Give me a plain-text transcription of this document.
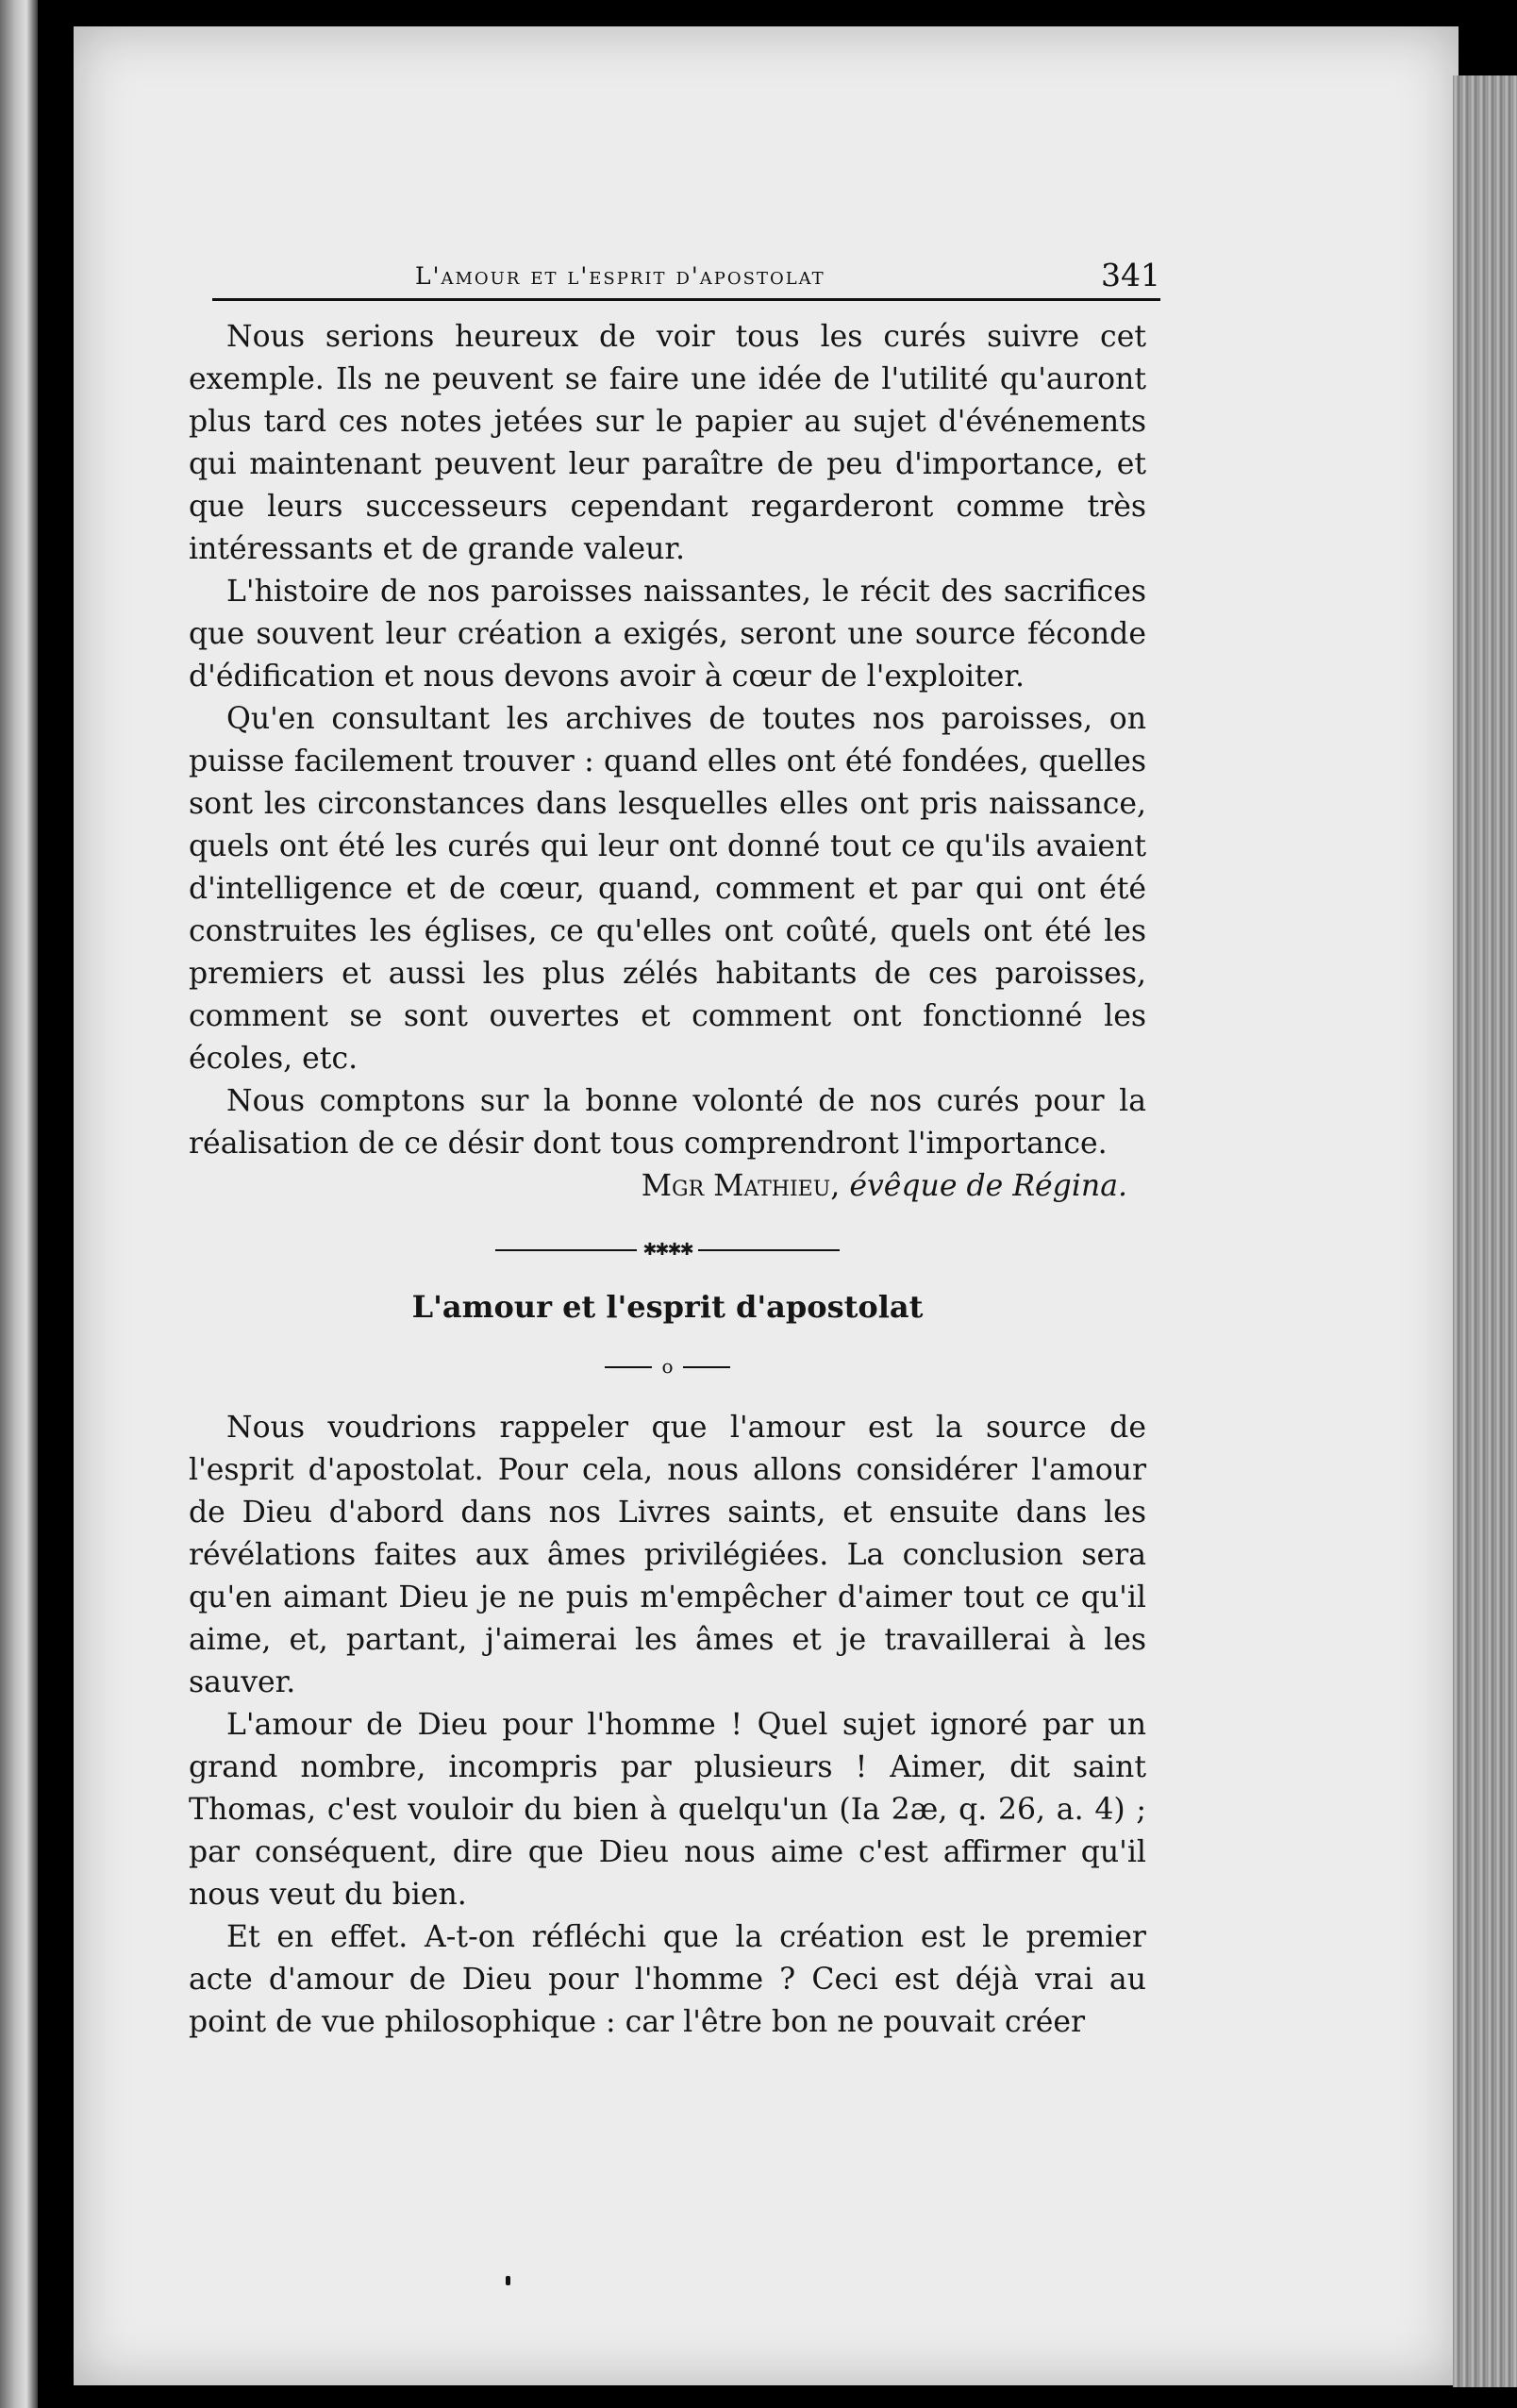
L'amour et l'esprit d'apostolat	341

Nous serions heureux de voir tous les curés suivre cet exemple. Ils ne peuvent se faire une idée de l'utilité qu'auront plus tard ces notes jetées sur le papier au sujet d'événements qui maintenant peuvent leur paraître de peu d'importance, et que leurs successeurs cependant regarderont comme très intéressants et de grande valeur.

L'histoire de nos paroisses naissantes, le récit des sacrifices que souvent leur création a exigés, seront une source féconde d'édification et nous devons avoir à cœur de l'exploiter.

Qu'en consultant les archives de toutes nos paroisses, on puisse facilement trouver : quand elles ont été fondées, quelles sont les circonstances dans lesquelles elles ont pris naissance, quels ont été les curés qui leur ont donné tout ce qu'ils avaient d'intelligence et de cœur, quand, comment et par qui ont été construites les églises, ce qu'elles ont coûté, quels ont été les premiers et aussi les plus zélés habitants de ces paroisses, comment se sont ouvertes et comment ont fonctionné les écoles, etc.

Nous comptons sur la bonne volonté de nos curés pour la réalisation de ce désir dont tous comprendront l'importance.

Mgr Mathieu, évêque de Régina.
✱✱✱✱
L'amour et l'esprit d'apostolat
o

Nous voudrions rappeler que l'amour est la source de l'esprit d'apostolat. Pour cela, nous allons considérer l'amour de Dieu d'abord dans nos Livres saints, et ensuite dans les révélations faites aux âmes privilégiées. La conclusion sera qu'en aimant Dieu je ne puis m'empêcher d'aimer tout ce qu'il aime, et, partant, j'aimerai les âmes et je travaillerai à les sauver.

L'amour de Dieu pour l'homme ! Quel sujet ignoré par un grand nombre, incompris par plusieurs ! Aimer, dit saint Thomas, c'est vouloir du bien à quelqu'un (Ia 2æ, q. 26, a. 4) ; par conséquent, dire que Dieu nous aime c'est affirmer qu'il nous veut du bien.

Et en effet. A-t-on réfléchi que la création est le premier acte d'amour de Dieu pour l'homme ? Ceci est déjà vrai au point de vue philosophique : car l'être bon ne pouvait créer
